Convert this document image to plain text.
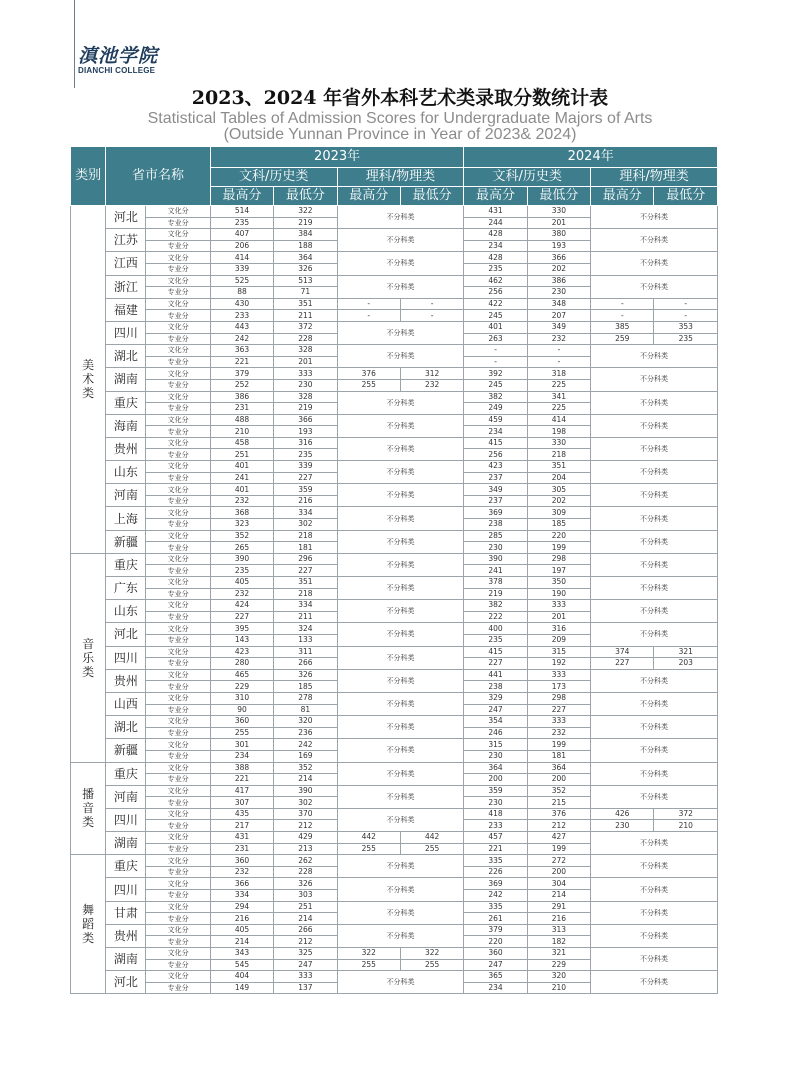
滇池学院
DIANCHI COLLEGE
2023、2024 年省外本科艺术类录取分数统计表
Statistical Tables of Admission Scores for Undergraduate Majors of Arts
(Outside Yunnan Province in Year of 2023& 2024)
类别	省市名称		2023年				2024年			
			文科/历史类		理科/物理类		文科/历史类		理科/物理类	
			最高分	最低分	最高分	最低分	最高分	最低分	最高分	最低分
美术类	河北	文化分	514	322	不分科类		431	330	不分科类	
		专业分	235	219			244	201		
	江苏	文化分	407	384	不分科类		428	380	不分科类	
		专业分	206	188			234	193		
	江西	文化分	414	364	不分科类		428	366	不分科类	
		专业分	339	326			235	202		
	浙江	文化分	525	513	不分科类		462	386	不分科类	
		专业分	88	71			256	230		
	福建	文化分	430	351	-	-	422	348	-	-
		专业分	233	211	-	-	245	207	-	-
	四川	文化分	443	372	不分科类		401	349	385	353
		专业分	242	228			263	232	259	235
	湖北	文化分	363	328	不分科类		-	-	不分科类	
		专业分	221	201			-	-		
	湖南	文化分	379	333	376	312	392	318	不分科类	
		专业分	252	230	255	232	245	225		
	重庆	文化分	386	328	不分科类		382	341	不分科类	
		专业分	231	219			249	225		
	海南	文化分	488	366	不分科类		459	414	不分科类	
		专业分	210	193			234	198		
	贵州	文化分	458	316	不分科类		415	330	不分科类	
		专业分	251	235			256	218		
	山东	文化分	401	339	不分科类		423	351	不分科类	
		专业分	241	227			237	204		
	河南	文化分	401	359	不分科类		349	305	不分科类	
		专业分	232	216			237	202		
	上海	文化分	368	334	不分科类		369	309	不分科类	
		专业分	323	302			238	185		
	新疆	文化分	352	218	不分科类		285	220	不分科类	
		专业分	265	181			230	199		
音乐类	重庆	文化分	390	296	不分科类		390	298	不分科类	
		专业分	235	227			241	197		
	广东	文化分	405	351	不分科类		378	350	不分科类	
		专业分	232	218			219	190		
	山东	文化分	424	334	不分科类		382	333	不分科类	
		专业分	227	211			222	201		
	河北	文化分	395	324	不分科类		400	316	不分科类	
		专业分	143	133			235	209		
	四川	文化分	423	311	不分科类		415	315	374	321
		专业分	280	266			227	192	227	203
	贵州	文化分	465	326	不分科类		441	333	不分科类	
		专业分	229	185			238	173		
	山西	文化分	310	278	不分科类		329	298	不分科类	
		专业分	90	81			247	227		
	湖北	文化分	360	320	不分科类		354	333	不分科类	
		专业分	255	236			246	232		
	新疆	文化分	301	242	不分科类		315	199	不分科类	
		专业分	234	169			230	181		
播音类	重庆	文化分	388	352	不分科类		364	364	不分科类	
		专业分	221	214			200	200		
	河南	文化分	417	390	不分科类		359	352	不分科类	
		专业分	307	302			230	215		
	四川	文化分	435	370	不分科类		418	376	426	372
		专业分	217	212			233	212	230	210
	湖南	文化分	431	429	442	442	457	427	不分科类	
		专业分	231	213	255	255	221	199		
舞蹈类	重庆	文化分	360	262	不分科类		335	272	不分科类	
		专业分	232	228			226	200		
	四川	文化分	366	326	不分科类		369	304	不分科类	
		专业分	334	303			242	214		
	甘肃	文化分	294	251	不分科类		335	291	不分科类	
		专业分	216	214			261	216		
	贵州	文化分	405	266	不分科类		379	313	不分科类	
		专业分	214	212			220	182		
	湖南	文化分	343	325	322	322	360	321	不分科类	
		专业分	545	247	255	255	247	229		
	河北	文化分	404	333	不分科类		365	320	不分科类	
		专业分	149	137			234	210		
